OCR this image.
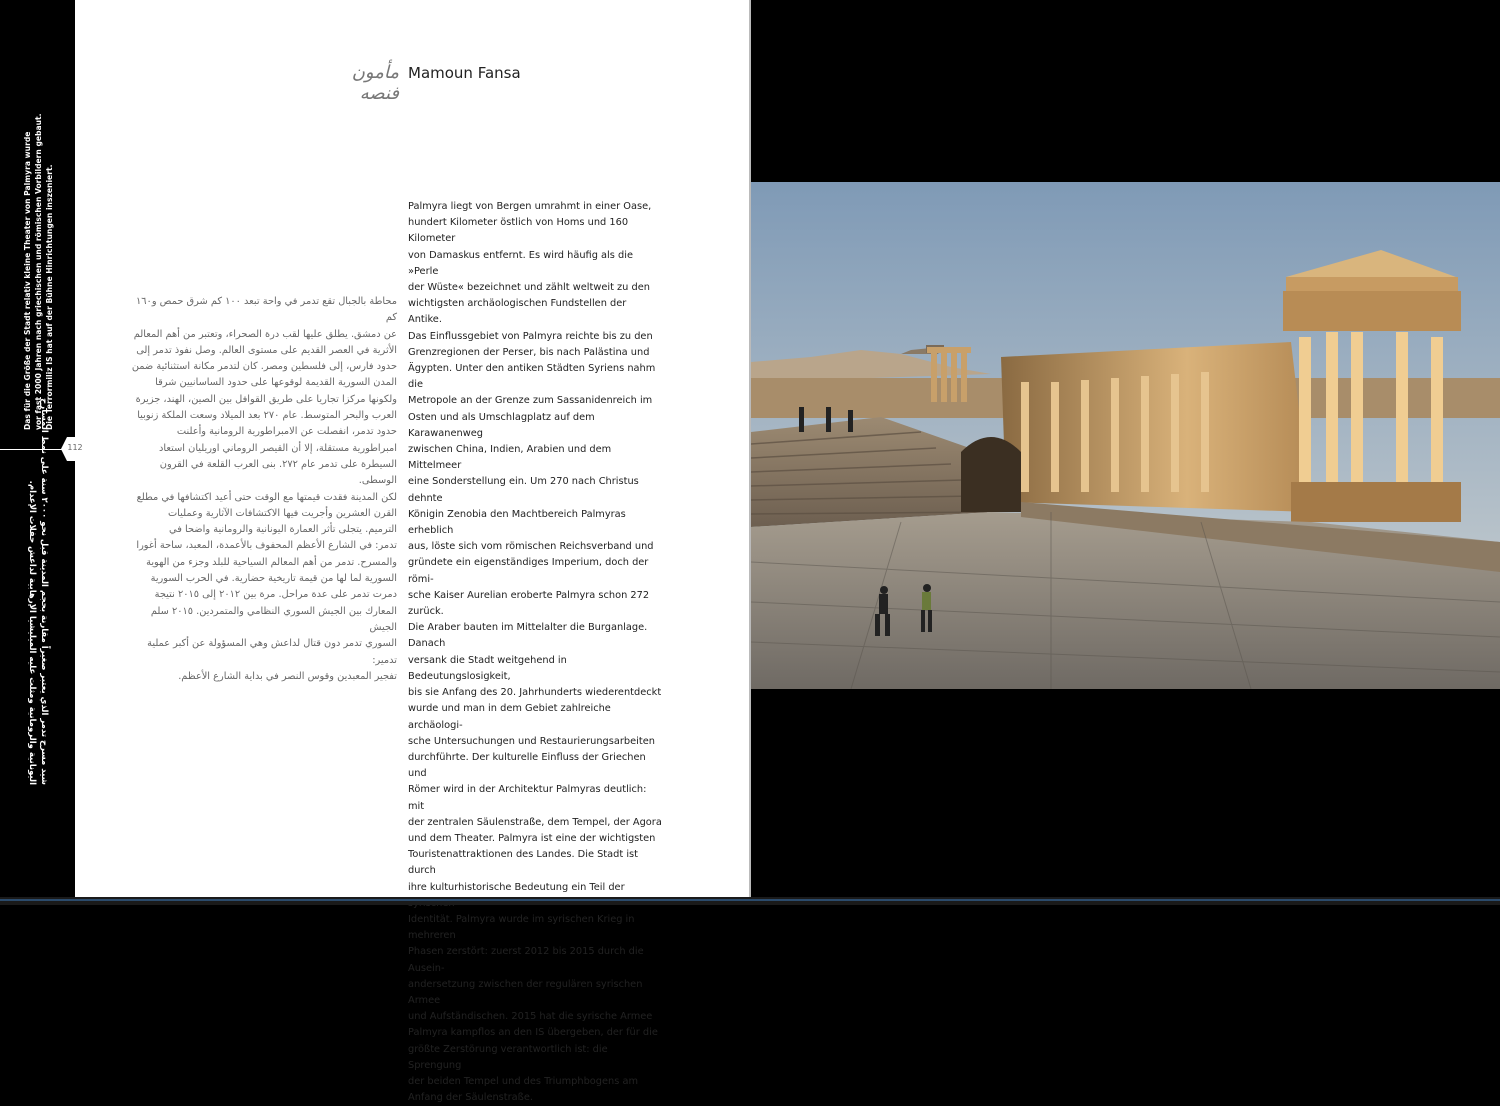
Das für die Größe der Stadt relativ kleine Theater von Palmyra wurde vor fast 2000 Jahren nach griechischen und römischen Vorbildern gebaut. Die Terrormiliz IS hat auf der Bühne Hinrichtungen inszeniert.
شيد مسرح تدمر الذي يعتبر صغيراً مقارنة بحجم المدينة قبل نحو ٢٠٠٠ سنة على نمط المسارح
اليونانية والرومانية ومثلت عليه الميليشيا الإرهابية لداعش حفلات الإعدام.
مأمون فنصه
Mamoun Fansa
محاطة بالجبال تقع تدمر في واحة تبعد ١٠٠ كم شرق حمص و١٦٠ كم
عن دمشق. يطلق عليها لقب درة الصحراء، وتعتبر من أهم المعالم
الأثرية في العصر القديم على مستوى العالم. وصل نفوذ تدمر إلى
حدود فارس، إلى فلسطين ومصر. كان لتدمر مكانة استثنائية ضمن
المدن السورية القديمة لوقوعها على حدود الساسانيين شرقا
ولكونها مركزا تجاريا على طريق القوافل بين الصين، الهند، جزيرة
العرب والبحر المتوسط. عام ٢٧٠ بعد الميلاد وسعت الملكة زنوبيا
حدود تدمر، انفصلت عن الامبراطورية الرومانية وأعلنت
امبراطورية مستقلة، إلا أن القيصر الروماني اوريليان استعاد
السيطرة على تدمر عام ٢٧٢. بنى العرب القلعة في القرون الوسطى.
لكن المدينة فقدت قيمتها مع الوقت حتى أعيد اكتشافها في مطلع
القرن العشرين وأجريت فيها الاكتشافات الآثارية وعمليات
الترميم. يتجلى تأثر العمارة اليونانية والرومانية واضحا في
تدمر: في الشارع الأعظم المحفوف بالأعمدة، المعبد، ساحة أغورا
والمسرح. تدمر من أهم المعالم السياحية للبلد وجزء من الهوية
السورية لما لها من قيمة تاريخية حضارية. في الحرب السورية
دمرت تدمر على عدة مراحل. مرة بين ٢٠١٢ إلى ٢٠١٥ نتيجة
المعارك بين الجيش السوري النظامي والمتمردين. ٢٠١٥ سلم الجيش
السوري تدمر دون قتال لداعش وهي المسؤولة عن أكبر عملية تدمير:
تفجير المعبدين وقوس النصر في بداية الشارع الأعظم.
Palmyra liegt von Bergen umrahmt in einer Oase,
hundert Kilometer östlich von Homs und 160 Kilometer
von Damaskus entfernt. Es wird häufig als die »Perle
der Wüste« bezeichnet und zählt weltweit zu den
wichtigsten archäologischen Fundstellen der Antike.
Das Einflussgebiet von Palmyra reichte bis zu den
Grenzregionen der Perser, bis nach Palästina und
Ägypten. Unter den antiken Städten Syriens nahm die
Metropole an der Grenze zum Sassanidenreich im
Osten und als Umschlagplatz auf dem Karawanenweg
zwischen China, Indien, Arabien und dem Mittelmeer
eine Sonderstellung ein. Um 270 nach Christus dehnte
Königin Zenobia den Machtbereich Palmyras erheblich
aus, löste sich vom römischen Reichsverband und
gründete ein eigenständiges Imperium, doch der römi-
sche Kaiser Aurelian eroberte Palmyra schon 272 zurück.
Die Araber bauten im Mittelalter die Burganlage. Danach
versank die Stadt weitgehend in Bedeutungslosigkeit,
bis sie Anfang des 20. Jahrhunderts wiederentdeckt
wurde und man in dem Gebiet zahlreiche archäologi-
sche Untersuchungen und Restaurierungsarbeiten
durchführte. Der kulturelle Einfluss der Griechen und
Römer wird in der Architektur Palmyras deutlich: mit
der zentralen Säulenstraße, dem Tempel, der Agora
und dem Theater. Palmyra ist eine der wichtigsten
Touristenattraktionen des Landes. Die Stadt ist durch
ihre kulturhistorische Bedeutung ein Teil der
Identität. Palmyra wurde im syrischen Krieg in mehreren
Phasen zerstört: zuerst 2012 bis 2015 durch die Ausein-
andersetzung zwischen der regulären syrischen Armee
und Aufständischen. 2015 hat die syrische Armee
Palmyra kampflos an den IS übergeben, der für die
größte Zerstörung verantwortlich ist: die Sprengung
der beiden Tempel und des Triumphbogens am
Anfang der Säulenstraße.
112
